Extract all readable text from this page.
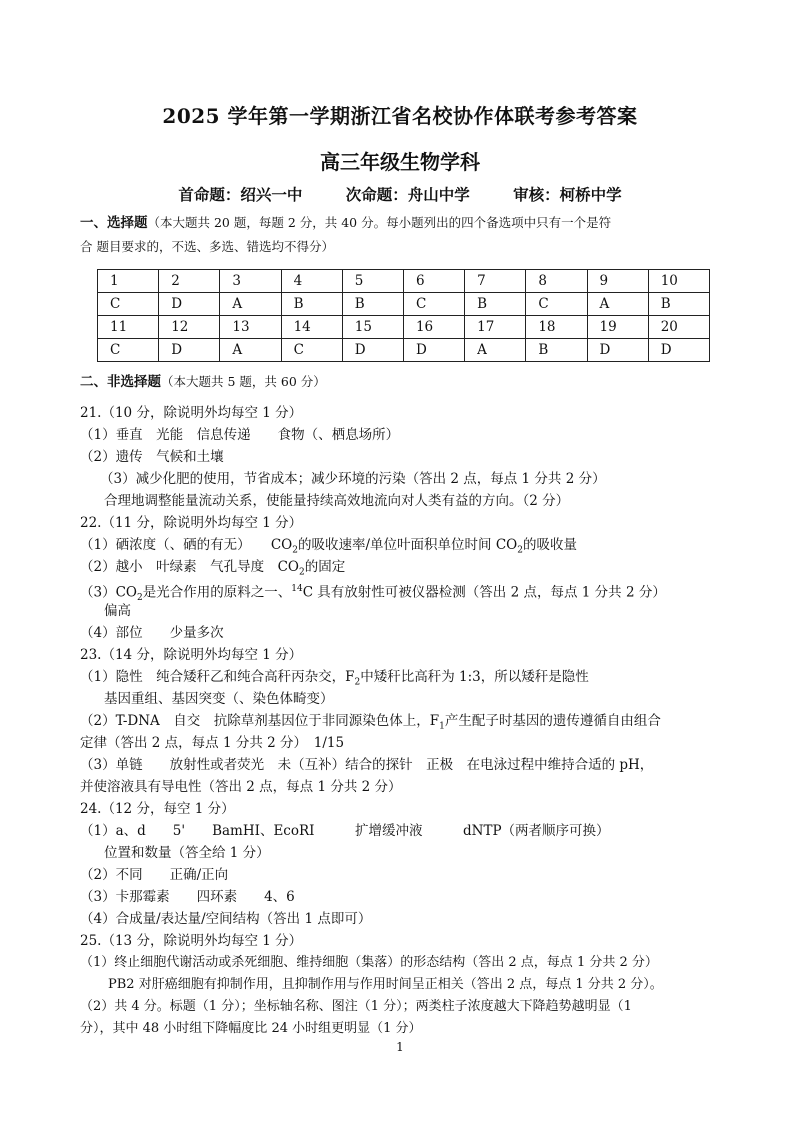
2025 学年第一学期浙江省名校协作体联考参考答案
高三年级生物学科
首命题：绍兴一中	次命题：舟山中学	审核：柯桥中学
一、选择题（本大题共 20 题，每题 2 分，共 40 分。每小题列出的四个备选项中只有一个是符
合 题目要求的，不选、多选、错选均不得分）
1	2	3	4	5	6	7	8	9	10
C	D	A	B	B	C	B	C	A	B
11	12	13	14	15	16	17	18	19	20
C	D	A	C	D	D	A	B	D	D
二、非选择题（本大题共 5 题，共 60 分）
21.（10 分，除说明外均每空 1 分）
（1）垂直　光能　信息传递　　食物（、栖息场所）
（2）遗传　气候和土壤
（3）减少化肥的使用，节省成本；减少环境的污染（答出 2 点，每点 1 分共 2 分）
合理地调整能量流动关系，使能量持续高效地流向对人类有益的方向。（2 分）
22.（11 分，除说明外均每空 1 分）
（1）硒浓度（、硒的有无）　　$CO_2$的吸收速率/单位叶面积单位时间 $CO_2$的吸收量
（2）越小　叶绿素　气孔导度　$CO_2$的固定
$(3)CO_2$是光合作用的原料之一、$^{14}$C 具有放射性可被仪器检测（答出 2 点，每点 1 分共 2 分）
偏高
（4）部位　　少量多次
23.（14 分，除说明外均每空 1 分）
（1）隐性　纯合矮秆乙和纯合高秆丙杂交，$F_2$中矮秆比高秆为 1:3，所以矮秆是隐性
基因重组、基因突变（、染色体畸变）
（2）T-DNA　自交　抗除草剂基因位于非同源染色体上，$F_1$产生配子时基因的遗传遵循自由组合
定律（答出 2 点，每点 1 分共 2 分）　1/15
（3）单链　　放射性或者荧光　未（互补）结合的探针　正极　在电泳过程中维持合适的 pH，
并使溶液具有导电性（答出 2 点，每点 1 分共 2 分）
24.（12 分，每空 1 分）
（1）a、d　　5'　　BamHI、EcoRI　　　扩增缓冲液　　　dNTP（两者顺序可换）
位置和数量（答全给 1 分）
（2）不同　　正确/正向
（3）卡那霉素　　四环素　　4、6
（4）合成量/表达量/空间结构（答出 1 点即可）
25.（13 分，除说明外均每空 1 分）
（1）终止细胞代谢活动或杀死细胞、维持细胞（集落）的形态结构（答出 2 点，每点 1 分共 2 分）
PB2 对肝癌细胞有抑制作用，且抑制作用与作用时间呈正相关（答出 2 点，每点 1 分共 2 分）。
（2）共 4 分。标题（1 分）；坐标轴名称、图注（1 分）；两类柱子浓度越大下降趋势越明显（1
分），其中 48 小时组下降幅度比 24 小时组更明显（1 分）
1
